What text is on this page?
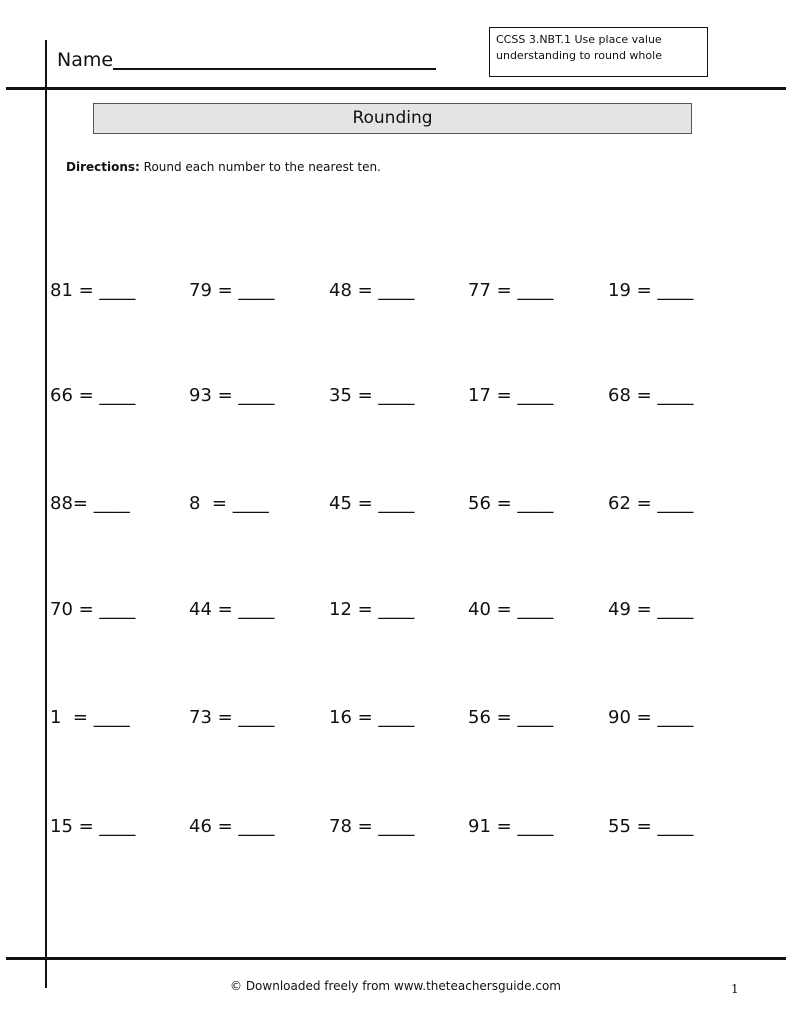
Name
CCSS 3.NBT.1 Use place value
understanding to round whole
Rounding
Directions: Round each number to the nearest ten.
81 = ____	79 = ____	48 = ____	77 = ____	19 = ____
66 = ____	93 = ____	35 = ____	17 = ____	68 = ____
88= ____	8  = ____	45 = ____	56 = ____	62 = ____
70 = ____	44 = ____	12 = ____	40 = ____	49 = ____
1  = ____	73 = ____	16 = ____	56 = ____	90 = ____
15 = ____	46 = ____	78 = ____	91 = ____	55 = ____
© Downloaded freely from www.theteachersguide.com	1
